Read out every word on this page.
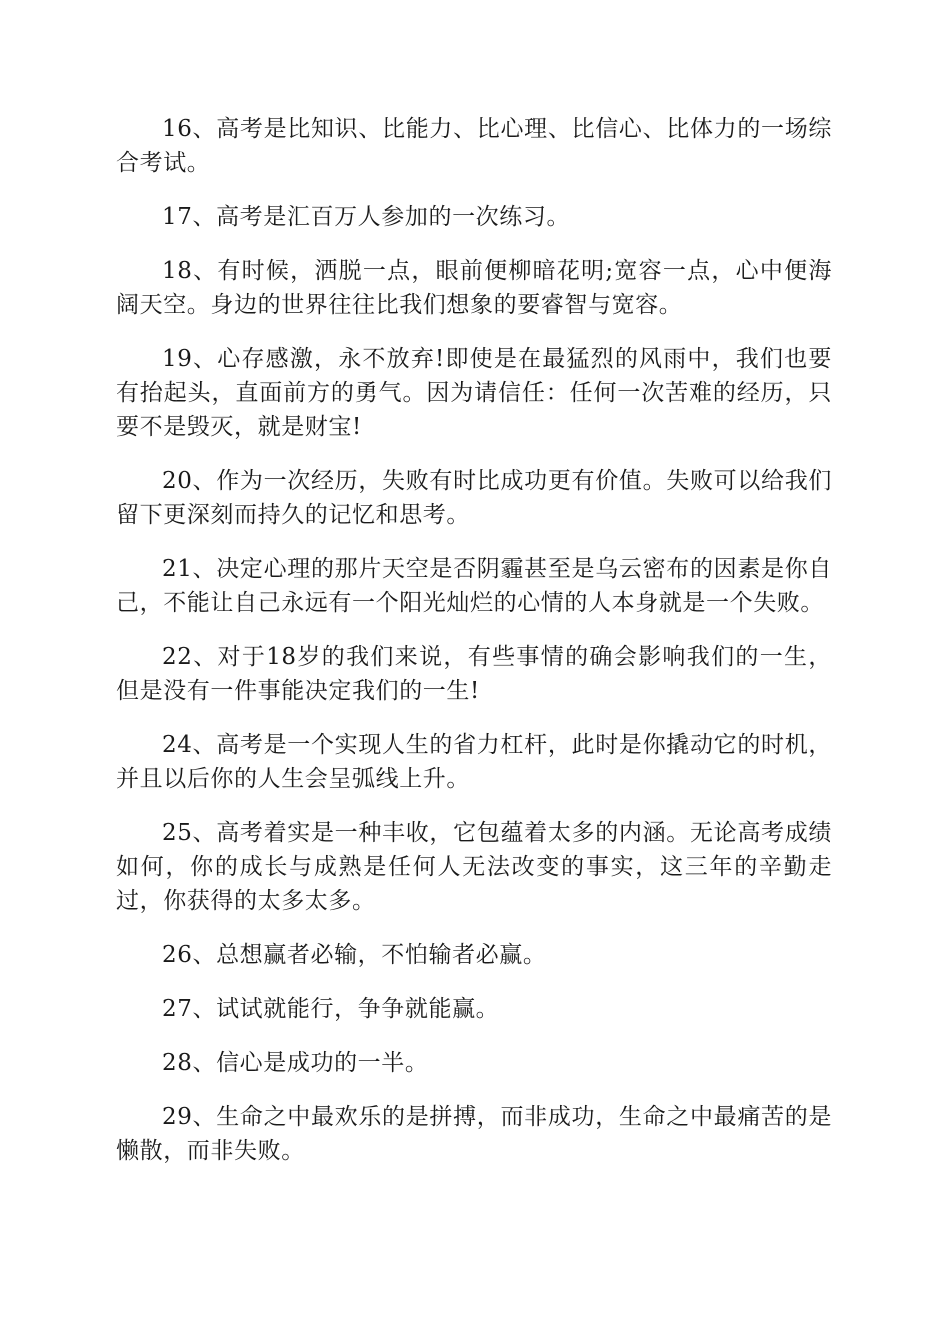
16、高考是比知识、比能力、比心理、比信心、比体力的一场综合考试。

17、高考是汇百万人参加的一次练习。

18、有时候，洒脱一点，眼前便柳暗花明;宽容一点，心中便海阔天空。身边的世界往往比我们想象的要睿智与宽容。

19、心存感激，永不放弃!即使是在最猛烈的风雨中，我们也要有抬起头，直面前方的勇气。因为请信任：任何一次苦难的经历，只要不是毁灭，就是财宝!

20、作为一次经历，失败有时比成功更有价值。失败可以给我们留下更深刻而持久的记忆和思考。

21、决定心理的那片天空是否阴霾甚至是乌云密布的因素是你自己，不能让自己永远有一个阳光灿烂的心情的人本身就是一个失败。

22、对于18岁的我们来说，有些事情的确会影响我们的一生，但是没有一件事能决定我们的一生!

24、高考是一个实现人生的省力杠杆，此时是你撬动它的时机，并且以后你的人生会呈弧线上升。

25、高考着实是一种丰收，它包蕴着太多的内涵。无论高考成绩如何，你的成长与成熟是任何人无法改变的事实，这三年的辛勤走过，你获得的太多太多。

26、总想赢者必输，不怕输者必赢。

27、试试就能行，争争就能赢。

28、信心是成功的一半。

29、生命之中最欢乐的是拼搏，而非成功，生命之中最痛苦的是懒散，而非失败。
